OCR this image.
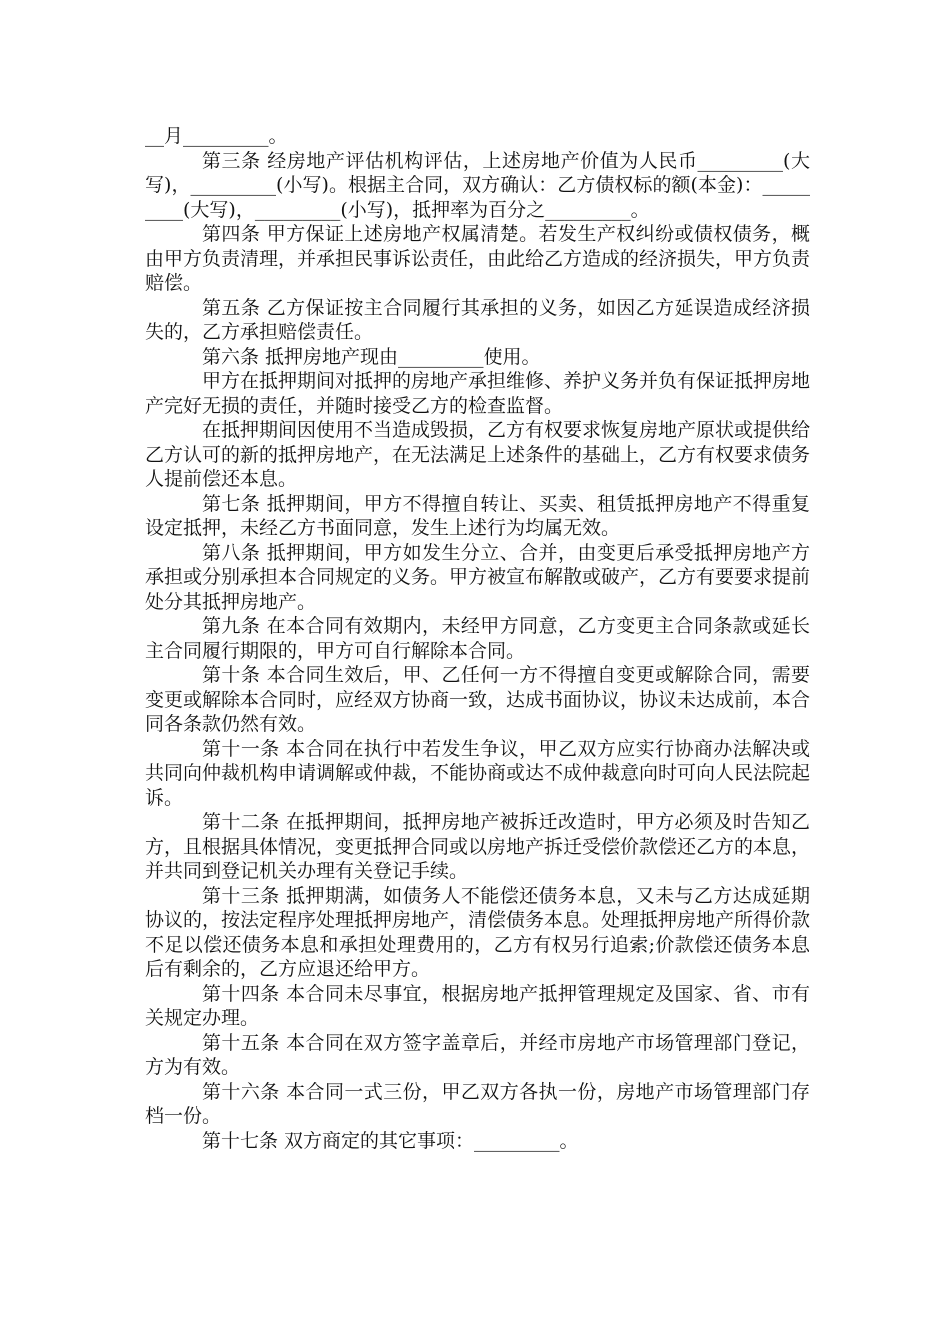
__月_________。

第三条 经房地产评估机构评估，上述房地产价值为人民币_________(大写)，_________(小写)。根据主合同，双方确认：乙方债权标的额(本金)：_________(大写)，_________(小写)，抵押率为百分之_________。

第四条 甲方保证上述房地产权属清楚。若发生产权纠纷或债权债务，概由甲方负责清理，并承担民事诉讼责任，由此给乙方造成的经济损失，甲方负责赔偿。

第五条 乙方保证按主合同履行其承担的义务，如因乙方延误造成经济损失的，乙方承担赔偿责任。

第六条 抵押房地产现由_________使用。

甲方在抵押期间对抵押的房地产承担维修、养护义务并负有保证抵押房地产完好无损的责任，并随时接受乙方的检查监督。

在抵押期间因使用不当造成毁损，乙方有权要求恢复房地产原状或提供给乙方认可的新的抵押房地产，在无法满足上述条件的基础上，乙方有权要求债务人提前偿还本息。

第七条 抵押期间，甲方不得擅自转让、买卖、租赁抵押房地产不得重复设定抵押，未经乙方书面同意，发生上述行为均属无效。

第八条 抵押期间，甲方如发生分立、合并，由变更后承受抵押房地产方承担或分别承担本合同规定的义务。甲方被宣布解散或破产，乙方有要要求提前处分其抵押房地产。

第九条 在本合同有效期内，未经甲方同意，乙方变更主合同条款或延长主合同履行期限的，甲方可自行解除本合同。

第十条 本合同生效后，甲、乙任何一方不得擅自变更或解除合同，需要变更或解除本合同时，应经双方协商一致，达成书面协议，协议未达成前，本合同各条款仍然有效。

第十一条 本合同在执行中若发生争议，甲乙双方应实行协商办法解决或共同向仲裁机构申请调解或仲裁，不能协商或达不成仲裁意向时可向人民法院起诉。

第十二条 在抵押期间，抵押房地产被拆迁改造时，甲方必须及时告知乙方，且根据具体情况，变更抵押合同或以房地产拆迁受偿价款偿还乙方的本息，并共同到登记机关办理有关登记手续。

第十三条 抵押期满，如债务人不能偿还债务本息，又未与乙方达成延期协议的，按法定程序处理抵押房地产，清偿债务本息。处理抵押房地产所得价款不足以偿还债务本息和承担处理费用的，乙方有权另行追索;价款偿还债务本息后有剩余的，乙方应退还给甲方。

第十四条 本合同未尽事宜，根据房地产抵押管理规定及国家、省、市有关规定办理。

第十五条 本合同在双方签字盖章后，并经市房地产市场管理部门登记，方为有效。

第十六条 本合同一式三份，甲乙双方各执一份，房地产市场管理部门存档一份。

第十七条 双方商定的其它事项：_________。
